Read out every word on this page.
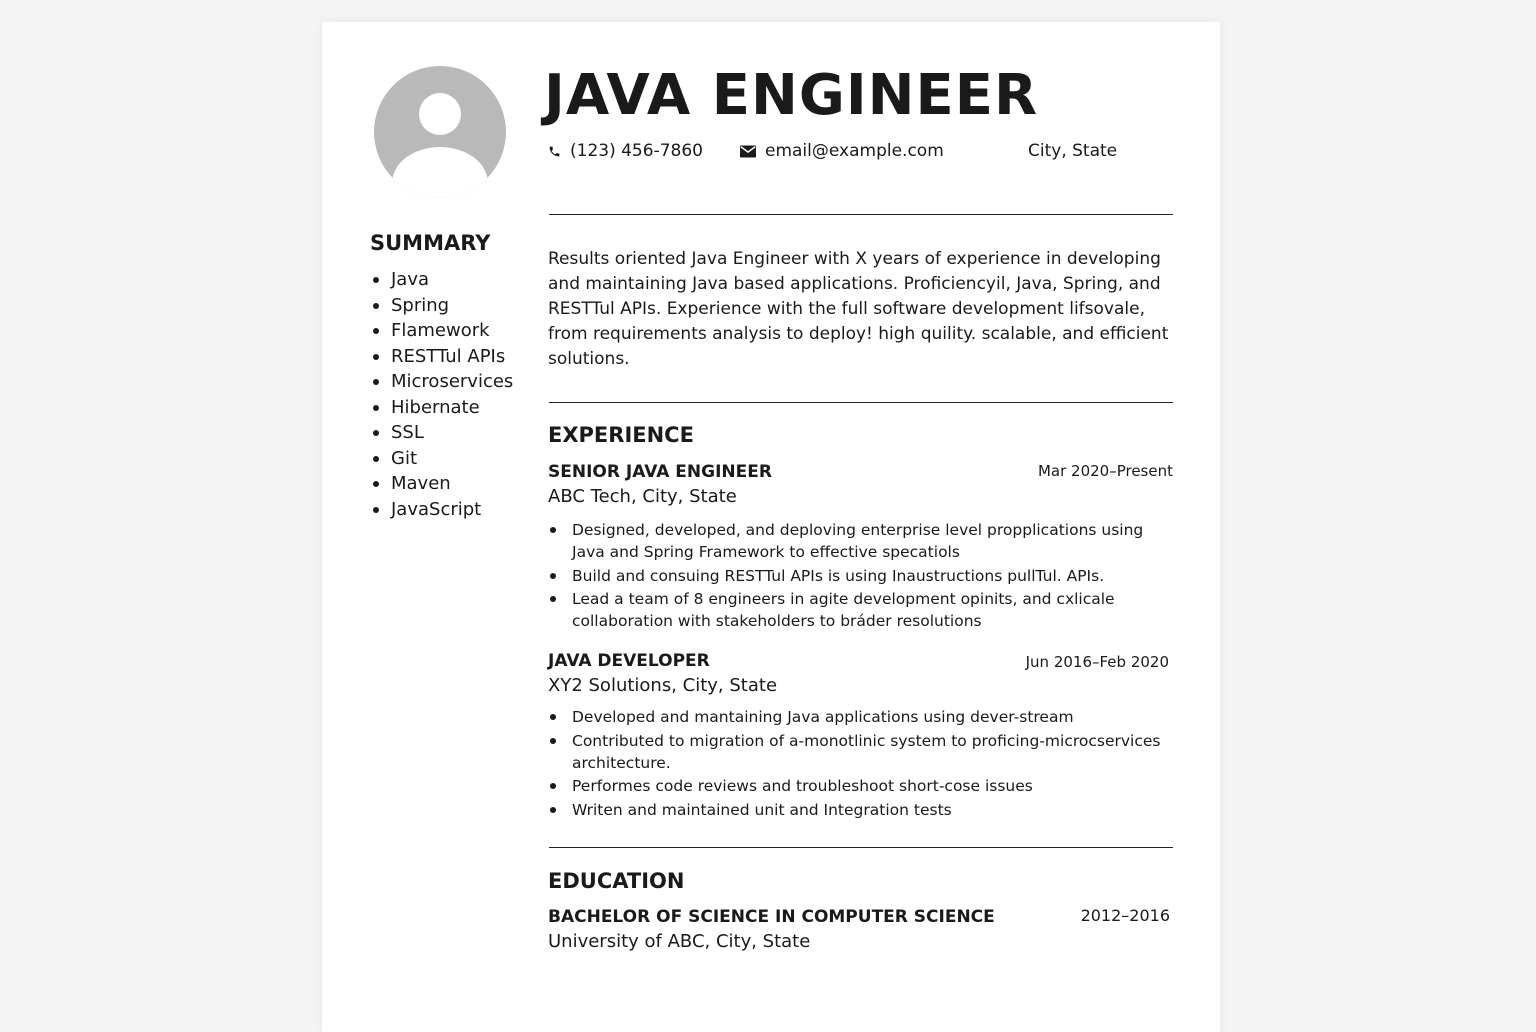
JAVA ENGINEER
(123) 456-7860	email@example.com	City, State
SUMMARY
Java
Spring
Flamework
RESTTul APIs
Microservices
Hibernate
SSL
Git
Maven
JavaScript

Results oriented Java Engineer with X years of experience in developing and maintaining Java based applications. Proficiencyil, Java, Spring, and RESTTul APIs. Experience with the full software development lifsovale, from requirements analysis to deploy! high quility. scalable, and efficient solutions.

EXPERIENCE
SENIOR JAVA ENGINEER	Mar 2020–Present
ABC Tech, City, State
Designed, developed, and deploving enterprise level propplications using Java and Spring Framework to effective specatiols
Build and consuing RESTTul APIs is using Inaustructions pullTul. APIs.
Lead a team of 8 engineers in agite development opinits, and cxlicale collaboration with stakeholders to bráder resolutions
JAVA DEVELOPER	Jun 2016–Feb 2020
XY2 Solutions, City, State
Developed and mantaining Java applications using dever-stream
Contributed to migration of a-monotlinic system to proficing-microcservices architecture.
Performes code reviews and troubleshoot short-cose issues
Writen and maintained unit and Integration tests
EDUCATION
BACHELOR OF SCIENCE IN COMPUTER SCIENCE	2012–2016
University of ABC, City, State
